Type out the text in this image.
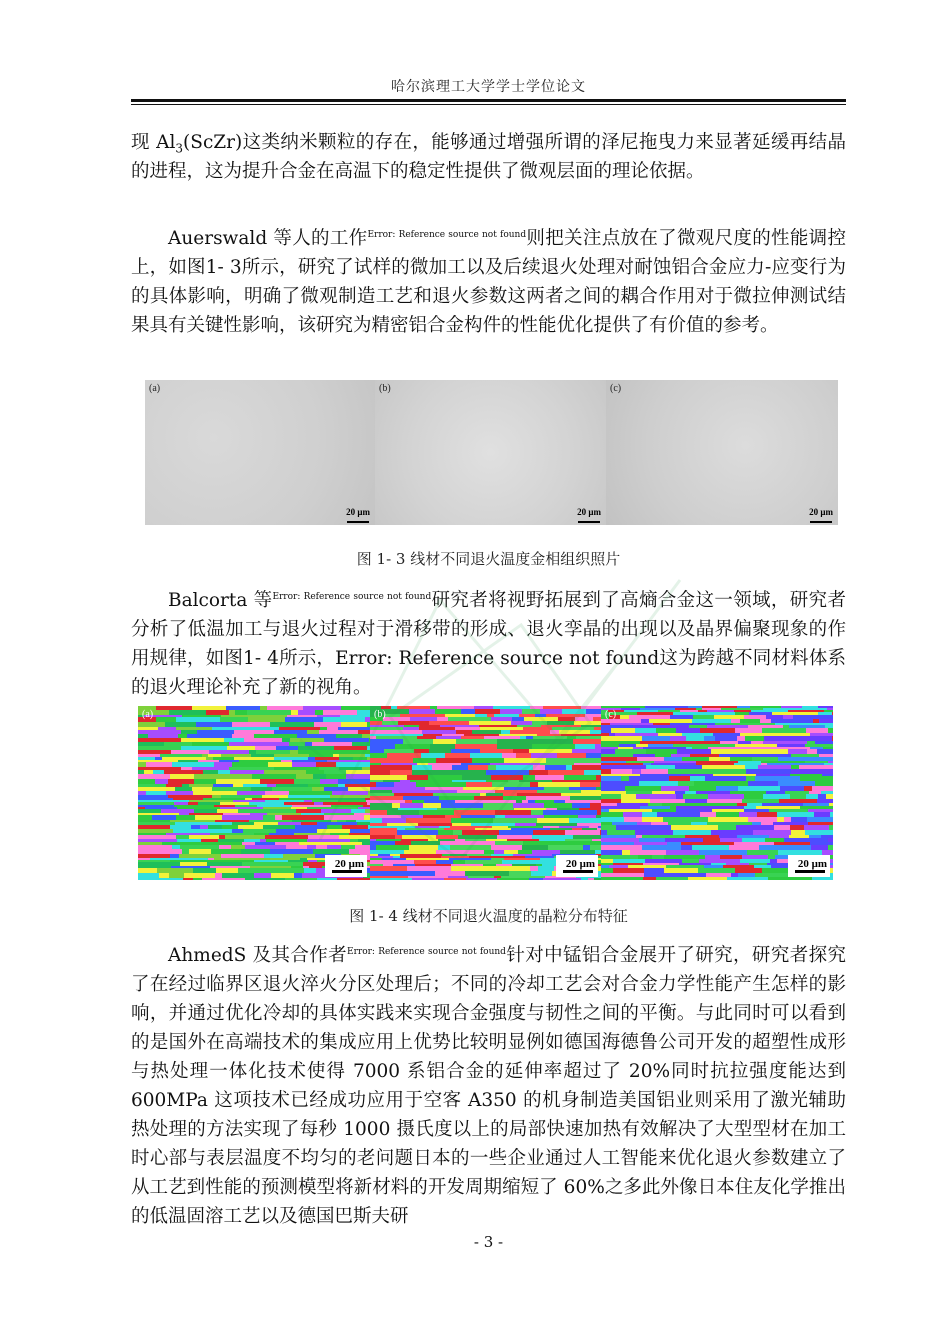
哈尔滨理工大学学士学位论文

现 $Al_3(ScZr)$这类纳米颗粒的存在，能够通过增强所谓的泽尼拖曳力来显著延缓再结晶的进程，这为提升合金在高温下的稳定性提供了微观层面的理论依据。

Auerswald 等人的工作$^{Error: Reference source not found}$则把关注点放在了微观尺度的性能调控上，如图1- 3所示，研究了试样的微加工以及后续退火处理对耐蚀铝合金应力-应变行为的具体影响，明确了微观制造工艺和退火参数这两者之间的耦合作用对于微拉伸测试结果具有关键性影响，该研究为精密铝合金构件的性能优化提供了有价值的参考。

(a)
20 μm
(b)
20 μm
(c)
20 μm
图 1- 3 线材不同退火温度金相组织照片

Balcorta 等$^{Error: Reference source not found}$研究者将视野拓展到了高熵合金这一领域，研究者分析了低温加工与退火过程对于滑移带的形成、退火孪晶的出现以及晶界偏聚现象的作用规律，如图1- 4所示，Error: Reference source not found这为跨越不同材料体系的退火理论补充了新的视角。

(a)
20 μm
(b)
20 μm
(c)
20 μm
图 1- 4 线材不同退火温度的晶粒分布特征

AhmedS 及其合作者$^{Error: Reference source not found}$针对中锰铝合金展开了研究，研究者探究了在经过临界区退火淬火分区处理后；不同的冷却工艺会对合金力学性能产生怎样的影响，并通过优化冷却的具体实践来实现合金强度与韧性之间的平衡。与此同时可以看到的是国外在高端技术的集成应用上优势比较明显例如德国海德鲁公司开发的超塑性成形与热处理一体化技术使得 7000 系铝合金的延伸率超过了 20%同时抗拉强度能达到 600MPa 这项技术已经成功应用于空客 A350 的机身制造美国铝业则采用了激光辅助热处理的方法实现了每秒 1000 摄氏度以上的局部快速加热有效解决了大型型材在加工时心部与表层温度不均匀的老问题日本的一些企业通过人工智能来优化退火参数建立了从工艺到性能的预测模型将新材料的开发周期缩短了 60%之多此外像日本住友化学推出的低温固溶工艺以及德国巴斯夫研

- 3 -
